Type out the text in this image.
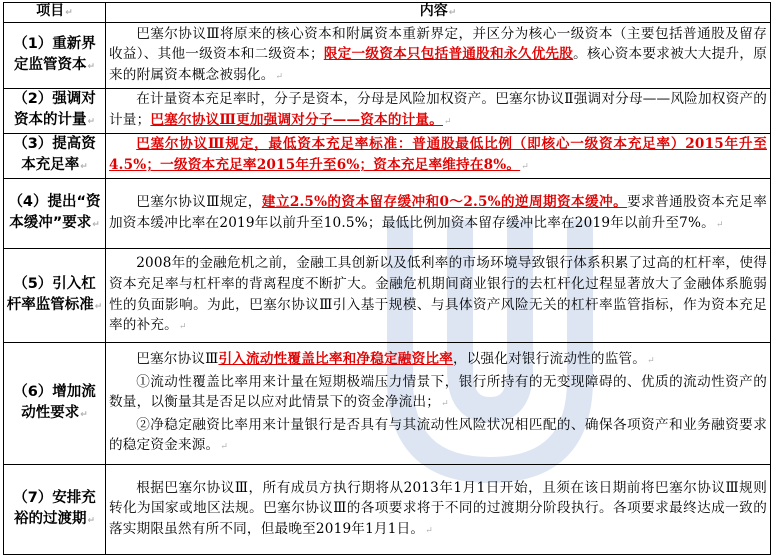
项目↵	内容↵
（1）重新界定监管资本↵	巴塞尔协议Ⅲ将原来的核心资本和附属资本重新界定，并区分为核心一级资本（主要包括普通股及留存收益）、其他一级资本和二级资本；限定一级资本只包括普通股和永久优先股。核心资本要求被大大提升，原来的附属资本概念被弱化。↵

（2）强调对资本的计量↵	在计量资本充足率时，分子是资本，分母是风险加权资产。巴塞尔协议Ⅱ强调对分母——风险加权资产的计量；巴塞尔协议Ⅲ更加强调对分子——资本的计量。↵

（3）提高资本充足率↵	巴塞尔协议Ⅲ规定，最低资本充足率标准：普通股最低比例（即核心一级资本充足率）2015年升至4.5%；一级资本充足率2015年升至6%；资本充足率维持在8%。↵

（4）提出“资本缓冲”要求↵	巴塞尔协议Ⅲ规定，建立2.5%的资本留存缓冲和0～2.5%的逆周期资本缓冲。要求普通股资本充足率加资本缓冲比率在2019年以前升至10.5%；最低比例加资本留存缓冲比率在2019年以前升至7%。↵

（5）引入杠杆率监管标准↵	2008年的金融危机之前，金融工具创新以及低利率的市场环境导致银行体系积累了过高的杠杆率，使得资本充足率与杠杆率的背离程度不断扩大。金融危机期间商业银行的去杠杆化过程显著放大了金融体系脆弱性的负面影响。为此，巴塞尔协议Ⅲ引入基于规模、与具体资产风险无关的杠杆率监管指标，作为资本充足率的补充。↵

（6）增加流动性要求↵	巴塞尔协议Ⅲ引入流动性覆盖比率和净稳定融资比率，以强化对银行流动性的监管。↵

①流动性覆盖比率用来计量在短期极端压力情景下，银行所持有的无变现障碍的、优质的流动性资产的数量，以衡量其是否足以应对此情景下的资金净流出；↵

②净稳定融资比率用来计量银行是否具有与其流动性风险状况相匹配的、确保各项资产和业务融资要求的稳定资金来源。↵

（7）安排充裕的过渡期↵	根据巴塞尔协议Ⅲ，所有成员方执行期将从2013年1月1日开始，且须在该日期前将巴塞尔协议Ⅲ规则转化为国家或地区法规。巴塞尔协议Ⅲ的各项要求将于不同的过渡期分阶段执行。各项要求最终达成一致的落实期限虽然有所不同，但最晚至2019年1月1日。↵
